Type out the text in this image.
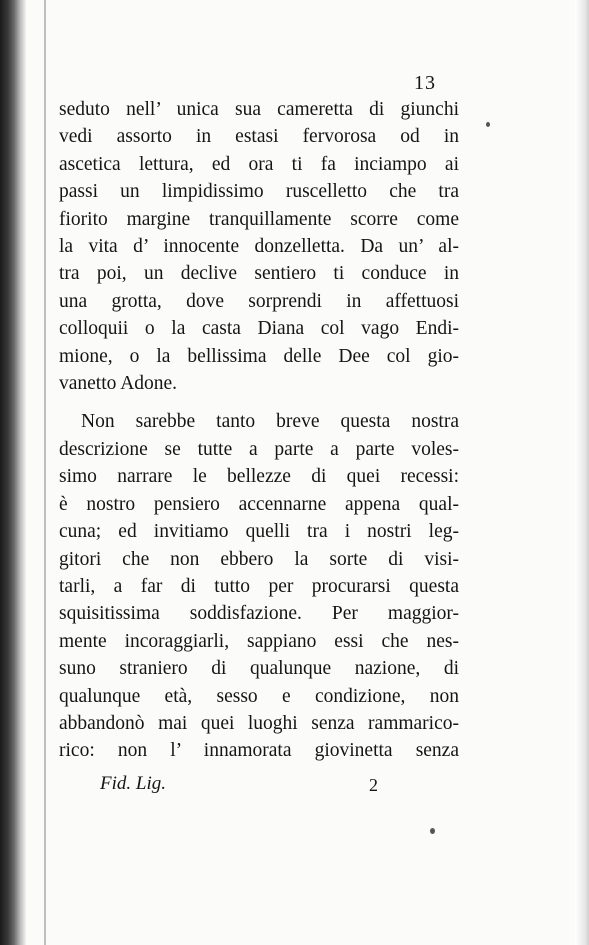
13
seduto nell’ unica sua cameretta di giunchi
vedi assorto in estasi fervorosa od in
ascetica lettura, ed ora ti fa inciampo ai
passi un limpidissimo ruscelletto che tra
fiorito margine tranquillamente scorre come
la vita d’ innocente donzelletta. Da un’ al-
tra poi, un declive sentiero ti conduce in
una grotta, dove sorprendi in affettuosi
colloquii o la casta Diana col vago Endi-
mione, o la bellissima delle Dee col gio-
vanetto Adone.
Non sarebbe tanto breve questa nostra
descrizione se tutte a parte a parte voles-
simo narrare le bellezze di quei recessi:
è nostro pensiero accennarne appena qual-
cuna; ed invitiamo quelli tra i nostri leg-
gitori che non ebbero la sorte di visi-
tarli, a far di tutto per procurarsi questa
squisitissima soddisfazione. Per maggior-
mente incoraggiarli, sappiano essi che nes-
suno straniero di qualunque nazione, di
qualunque età, sesso e condizione, non
abbandonò mai quei luoghi senza rammarico-
rico: non l’ innamorata giovinetta senza
Fid. Lig.	2
